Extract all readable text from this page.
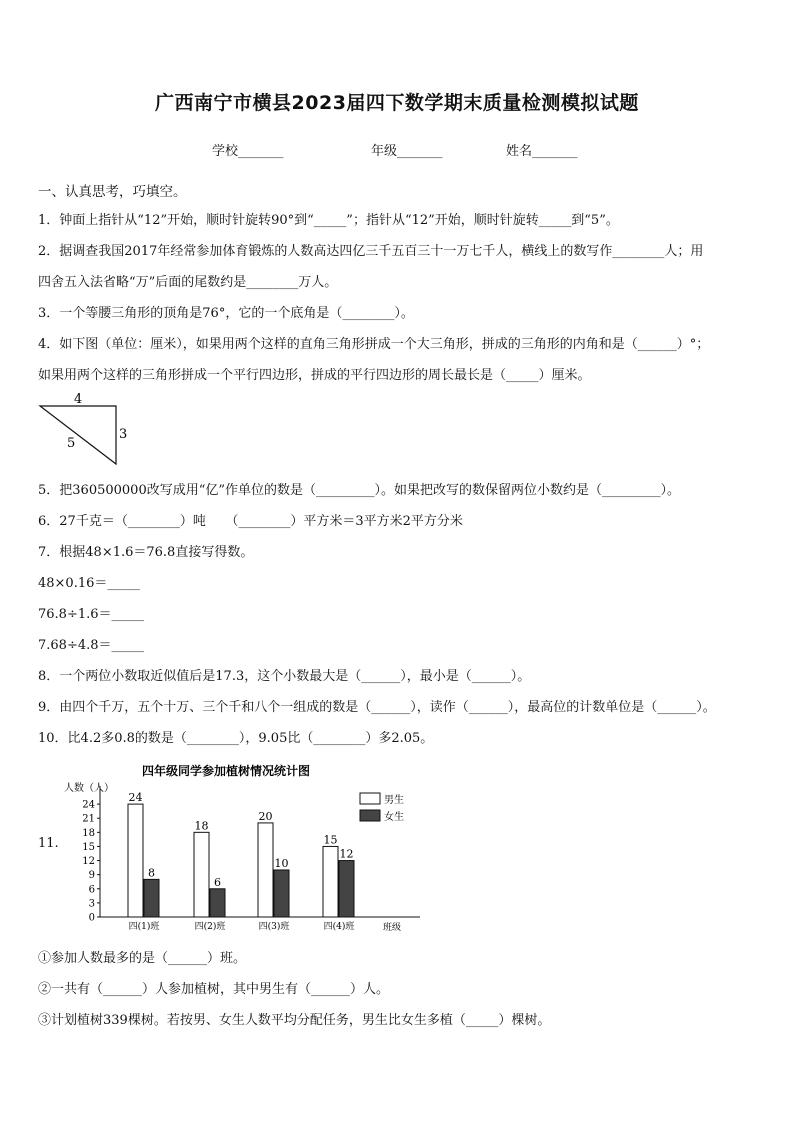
广西南宁市横县2023届四下数学期末质量检测模拟试题
学校_______	年级_______	姓名_______
一、认真思考，巧填空。
1．钟面上指针从“12”开始，顺时针旋转90°到“_____”；指针从“12”开始，顺时针旋转_____到“5”。
2．据调查我国2017年经常参加体育锻炼的人数高达四亿三千五百三十一万七千人，横线上的数写作________人；用
四舍五入法省略“万”后面的尾数约是________万人。
3．一个等腰三角形的顶角是76°，它的一个底角是（________）。
4．如下图（单位：厘米），如果用两个这样的直角三角形拼成一个大三角形，拼成的三角形的内角和是（______）°；
如果用两个这样的三角形拼成一个平行四边形，拼成的平行四边形的周长最长是（_____）厘米。
4
3
5
5．把360500000改写成用“亿”作单位的数是（_________）。如果把改写的数保留两位小数约是（_________）。
6．27千克＝（________）吨　　（________）平方米＝3平方米2平方分米
7．根据48×1.6＝76.8直接写得数。
48×0.16＝_____
76.8÷1.6＝_____
7.68÷4.8＝_____
8．一个两位小数取近似值后是17.3，这个小数最大是（______），最小是（______）。
9．由四个千万，五个十万、三个千和八个一组成的数是（______），读作（______），最高位的计数单位是（______）。
10．比4.2多0.8的数是（________），9.05比（________）多2.05。
11.
四年级同学参加植树情况统计图
人数（人）
班级
0
3
6
9
12
15
18
21
24
24
8
四(1)班
18
6
四(2)班
20
10
四(3)班
15
12
四(4)班
男生
女生
①参加人数最多的是（______）班。
②一共有（______）人参加植树，其中男生有（______）人。
③计划植树339棵树。若按男、女生人数平均分配任务，男生比女生多植（_____）棵树。
